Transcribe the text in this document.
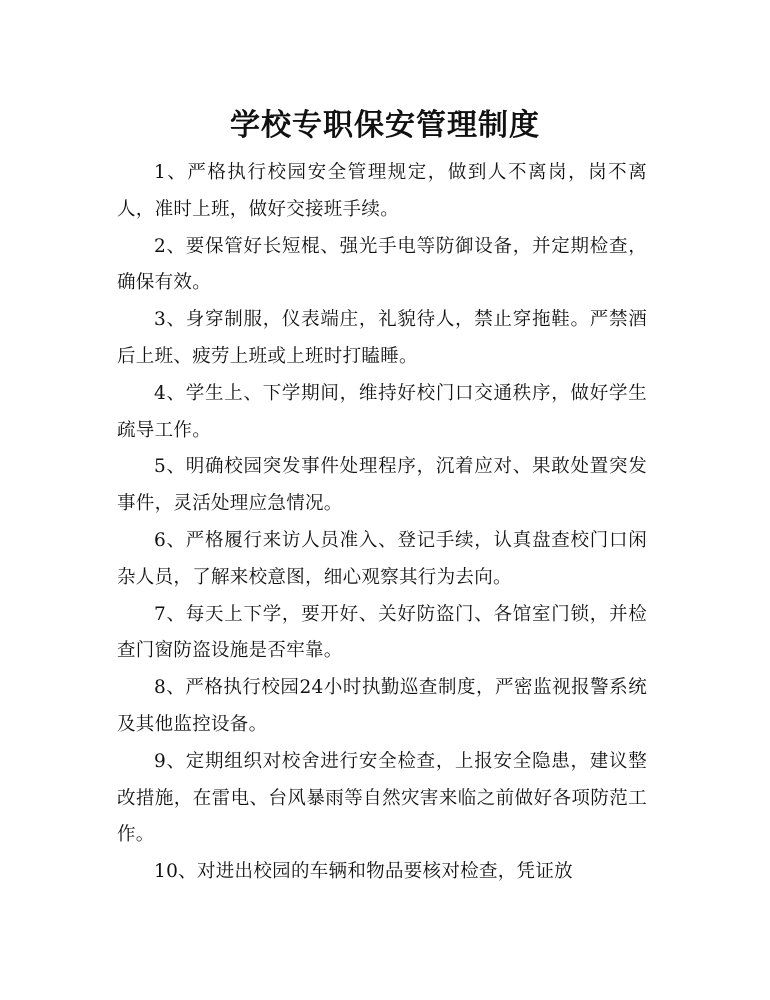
学校专职保安管理制度

1、严格执行校园安全管理规定，做到人不离岗，岗不离人，准时上班，做好交接班手续。

2、要保管好长短棍、强光手电等防御设备，并定期检查，确保有效。

3、身穿制服，仪表端庄，礼貌待人，禁止穿拖鞋。严禁酒后上班、疲劳上班或上班时打瞌睡。

4、学生上、下学期间，维持好校门口交通秩序，做好学生疏导工作。

5、明确校园突发事件处理程序，沉着应对、果敢处置突发事件，灵活处理应急情况。

6、严格履行来访人员准入、登记手续，认真盘查校门口闲杂人员，了解来校意图，细心观察其行为去向。

7、每天上下学，要开好、关好防盗门、各馆室门锁，并检查门窗防盗设施是否牢靠。

8、严格执行校园24小时执勤巡查制度，严密监视报警系统及其他监控设备。

9、定期组织对校舍进行安全检查，上报安全隐患，建议整改措施，在雷电、台风暴雨等自然灾害来临之前做好各项防范工作。

10、对进出校园的车辆和物品要核对检查，凭证放
